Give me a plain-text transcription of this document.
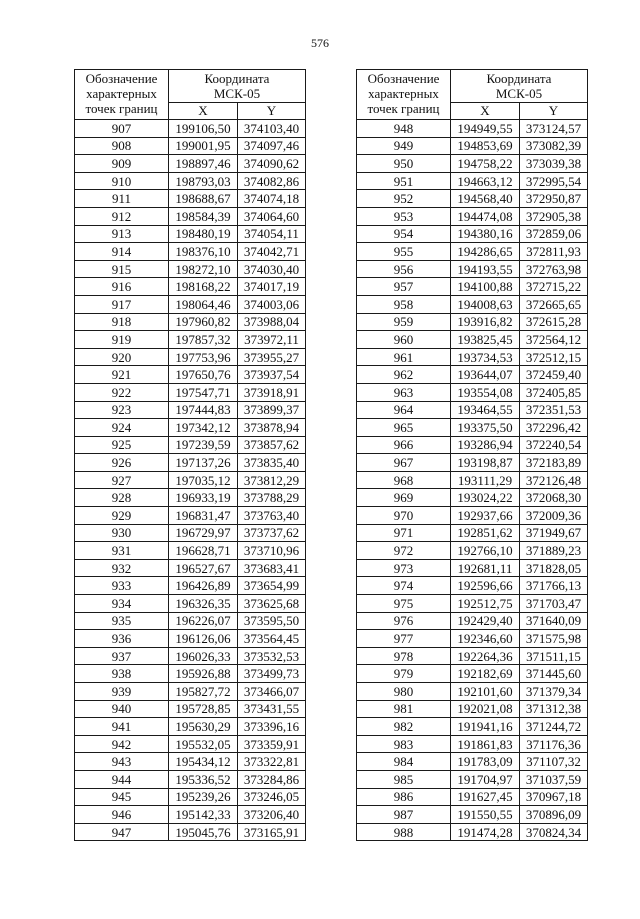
576
Обозначение
характерных
точек границ	Координата
МСК-05	
	X	Y
907	199106,50	374103,40
908	199001,95	374097,46
909	198897,46	374090,62
910	198793,03	374082,86
911	198688,67	374074,18
912	198584,39	374064,60
913	198480,19	374054,11
914	198376,10	374042,71
915	198272,10	374030,40
916	198168,22	374017,19
917	198064,46	374003,06
918	197960,82	373988,04
919	197857,32	373972,11
920	197753,96	373955,27
921	197650,76	373937,54
922	197547,71	373918,91
923	197444,83	373899,37
924	197342,12	373878,94
925	197239,59	373857,62
926	197137,26	373835,40
927	197035,12	373812,29
928	196933,19	373788,29
929	196831,47	373763,40
930	196729,97	373737,62
931	196628,71	373710,96
932	196527,67	373683,41
933	196426,89	373654,99
934	196326,35	373625,68
935	196226,07	373595,50
936	196126,06	373564,45
937	196026,33	373532,53
938	195926,88	373499,73
939	195827,72	373466,07
940	195728,85	373431,55
941	195630,29	373396,16
942	195532,05	373359,91
943	195434,12	373322,81
944	195336,52	373284,86
945	195239,26	373246,05
946	195142,33	373206,40
947	195045,76	373165,91
Обозначение
характерных
точек границ	Координата
МСК-05	
	X	Y
948	194949,55	373124,57
949	194853,69	373082,39
950	194758,22	373039,38
951	194663,12	372995,54
952	194568,40	372950,87
953	194474,08	372905,38
954	194380,16	372859,06
955	194286,65	372811,93
956	194193,55	372763,98
957	194100,88	372715,22
958	194008,63	372665,65
959	193916,82	372615,28
960	193825,45	372564,12
961	193734,53	372512,15
962	193644,07	372459,40
963	193554,08	372405,85
964	193464,55	372351,53
965	193375,50	372296,42
966	193286,94	372240,54
967	193198,87	372183,89
968	193111,29	372126,48
969	193024,22	372068,30
970	192937,66	372009,36
971	192851,62	371949,67
972	192766,10	371889,23
973	192681,11	371828,05
974	192596,66	371766,13
975	192512,75	371703,47
976	192429,40	371640,09
977	192346,60	371575,98
978	192264,36	371511,15
979	192182,69	371445,60
980	192101,60	371379,34
981	192021,08	371312,38
982	191941,16	371244,72
983	191861,83	371176,36
984	191783,09	371107,32
985	191704,97	371037,59
986	191627,45	370967,18
987	191550,55	370896,09
988	191474,28	370824,34
